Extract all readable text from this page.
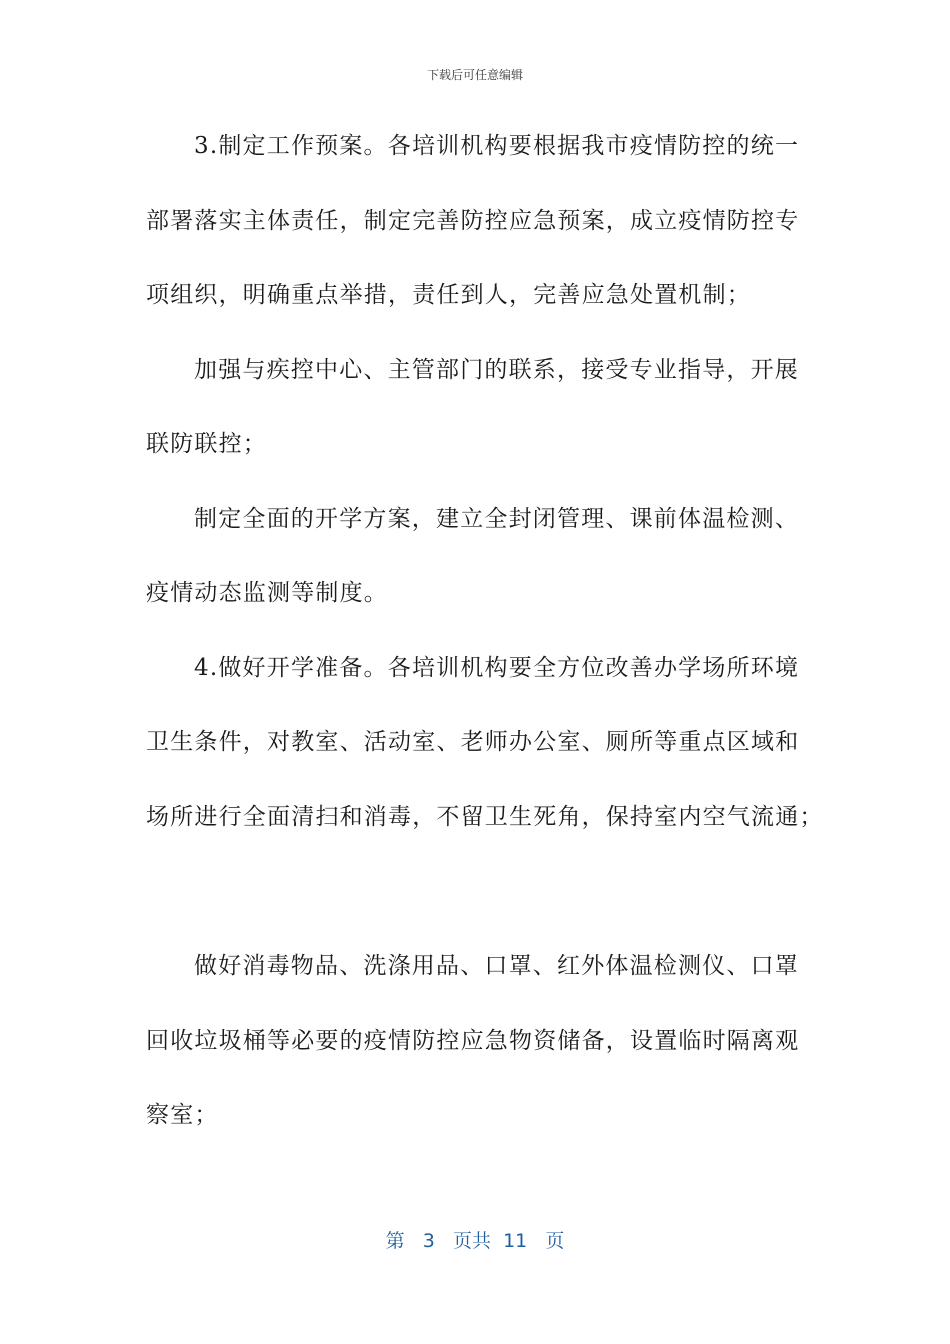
下载后可任意编辑
3.制定工作预案。各培训机构要根据我市疫情防控的统一
部署落实主体责任，制定完善防控应急预案，成立疫情防控专
项组织，明确重点举措，责任到人，完善应急处置机制；
加强与疾控中心、主管部门的联系，接受专业指导，开展
联防联控；
制定全面的开学方案，建立全封闭管理、课前体温检测、
疫情动态监测等制度。
4.做好开学准备。各培训机构要全方位改善办学场所环境
卫生条件，对教室、活动室、老师办公室、厕所等重点区域和
场所进行全面清扫和消毒，不留卫生死角，保持室内空气流通；
做好消毒物品、洗涤用品、口罩、红外体温检测仪、口罩
回收垃圾桶等必要的疫情防控应急物资储备，设置临时隔离观
察室；
第 3 页共 11 页
